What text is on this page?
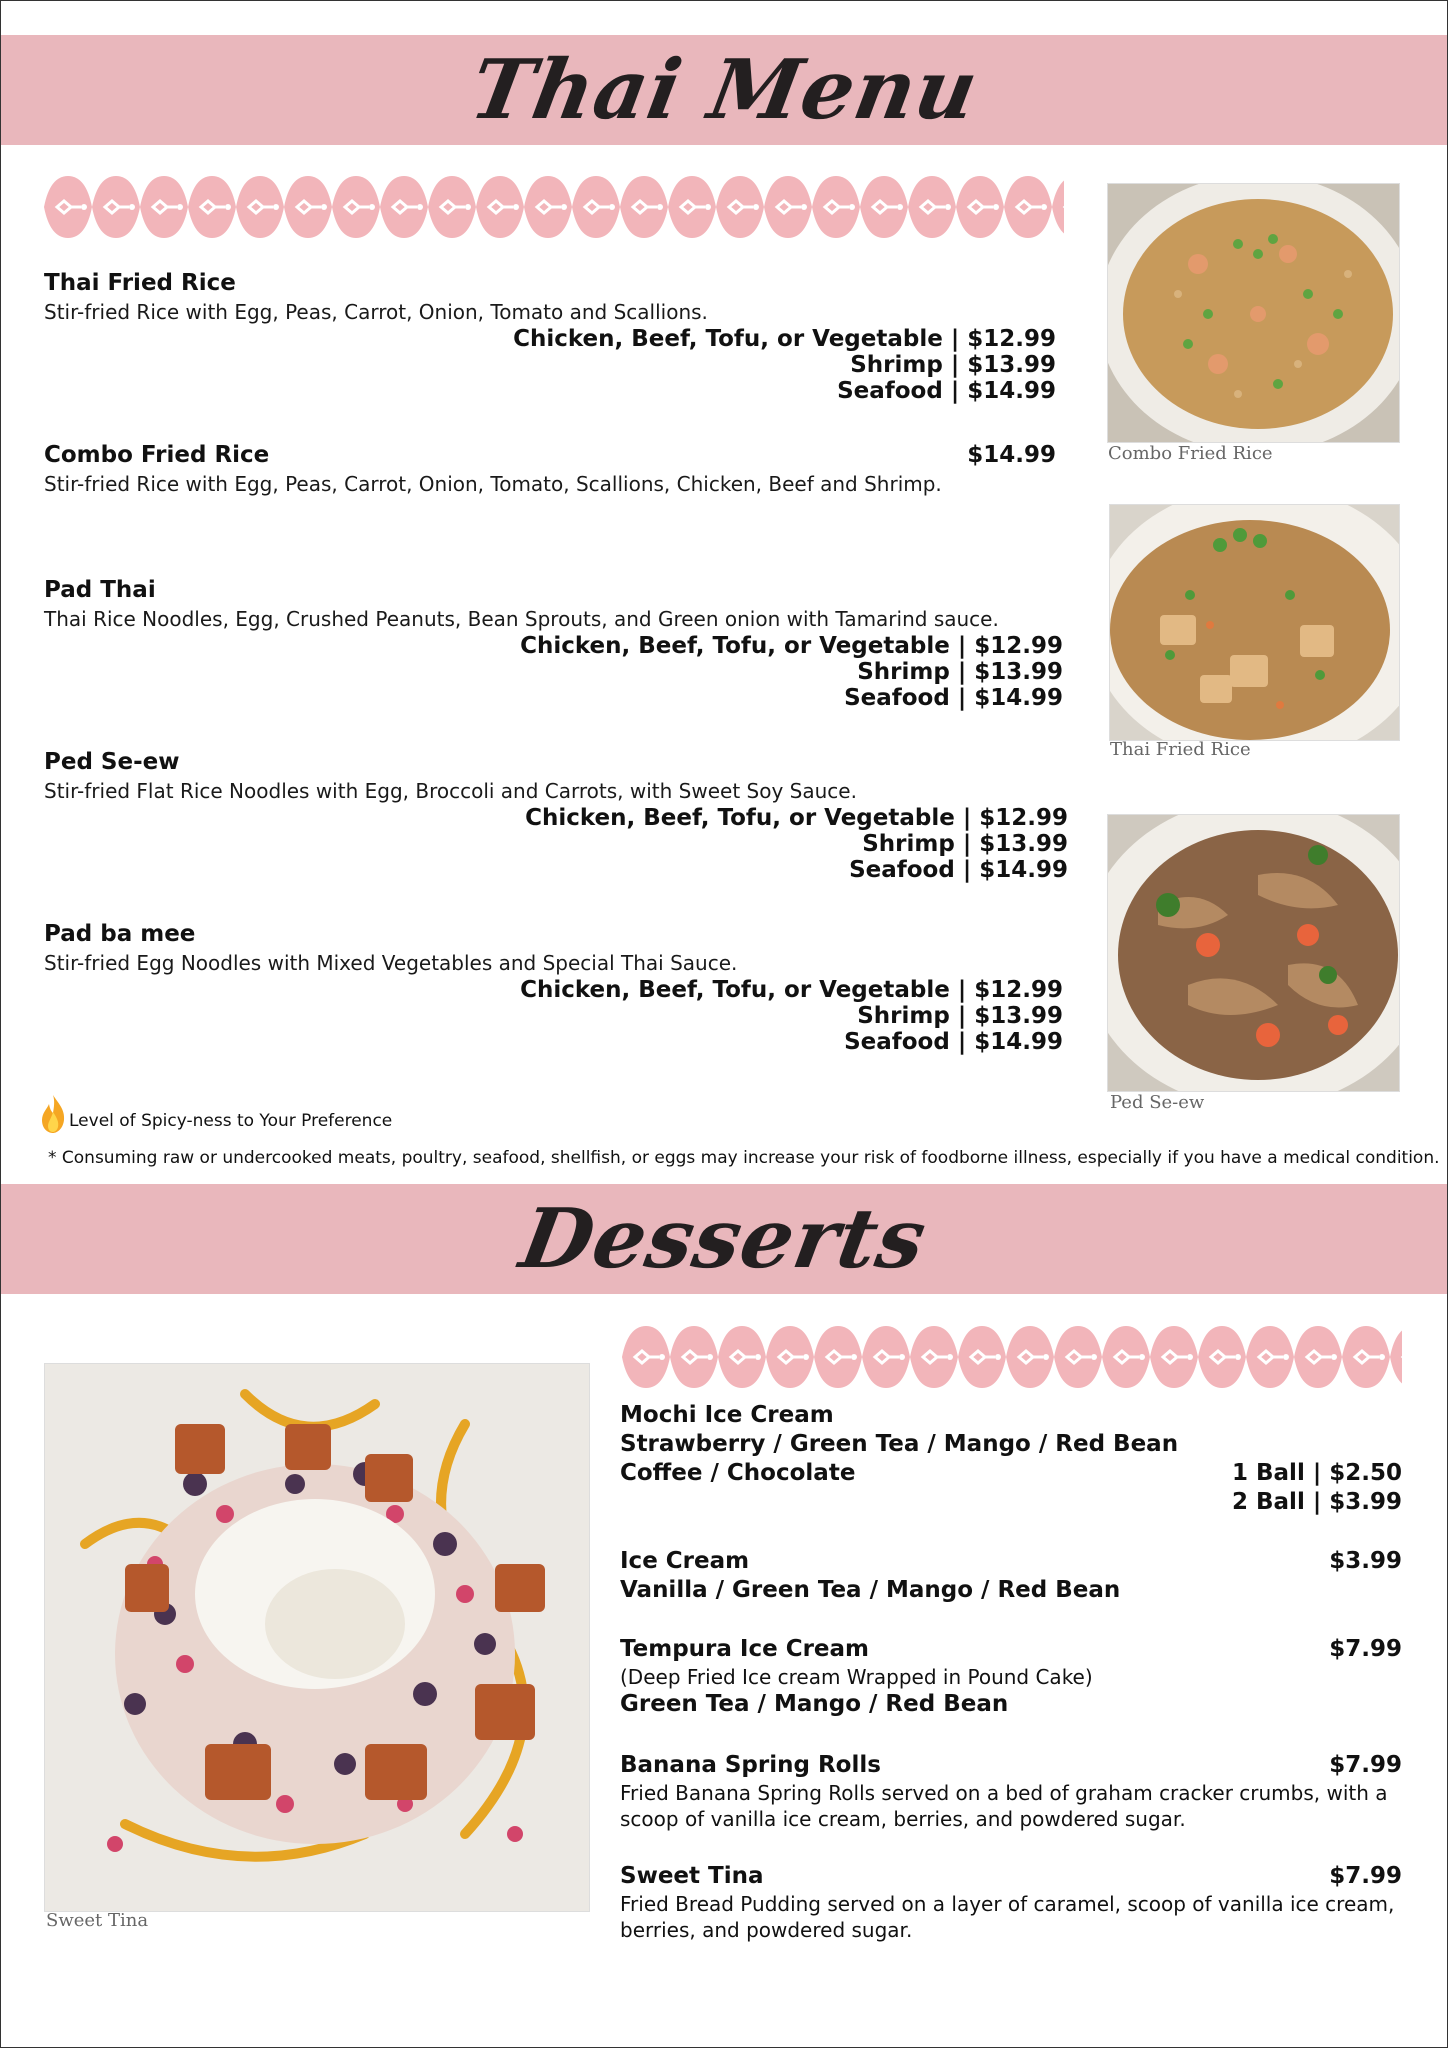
Thai Menu
Thai Fried Rice
Stir-fried Rice with Egg, Peas, Carrot, Onion, Tomato and Scallions.
Chicken, Beef, Tofu, or Vegetable | $12.99
Shrimp | $13.99
Seafood | $14.99
Combo Fried Rice	$14.99
Stir-fried Rice with Egg, Peas, Carrot, Onion, Tomato, Scallions, Chicken, Beef and Shrimp.
Pad Thai
Thai Rice Noodles, Egg, Crushed Peanuts, Bean Sprouts, and Green onion with Tamarind sauce.
Chicken, Beef, Tofu, or Vegetable | $12.99
Shrimp | $13.99
Seafood | $14.99
Ped Se-ew
Stir-fried Flat Rice Noodles with Egg, Broccoli and Carrots, with Sweet Soy Sauce.
Chicken, Beef, Tofu, or Vegetable | $12.99
Shrimp | $13.99
Seafood | $14.99
Pad ba mee
Stir-fried Egg Noodles with Mixed Vegetables and Special Thai Sauce.
Chicken, Beef, Tofu, or Vegetable | $12.99
Shrimp | $13.99
Seafood | $14.99
Combo Fried Rice
Thai Fried Rice
Ped Se-ew
Level of Spicy-ness to Your Preference
* Consuming raw or undercooked meats, poultry, seafood, shellfish, or eggs may increase your risk of foodborne illness, especially if you have a medical condition.
Desserts
Sweet Tina
Mochi Ice Cream
Strawberry / Green Tea / Mango / Red Bean
Coffee / Chocolate	1 Ball | $2.50
2 Ball | $3.99
Ice Cream	$3.99
Vanilla / Green Tea / Mango / Red Bean
Tempura Ice Cream	$7.99
(Deep Fried Ice cream Wrapped in Pound Cake)
Green Tea / Mango / Red Bean
Banana Spring Rolls	$7.99
Fried Banana Spring Rolls served on a bed of graham cracker crumbs, with a scoop of vanilla ice cream, berries, and powdered sugar.
Sweet Tina	$7.99
Fried Bread Pudding served on a layer of caramel, scoop of vanilla ice cream, berries, and powdered sugar.
